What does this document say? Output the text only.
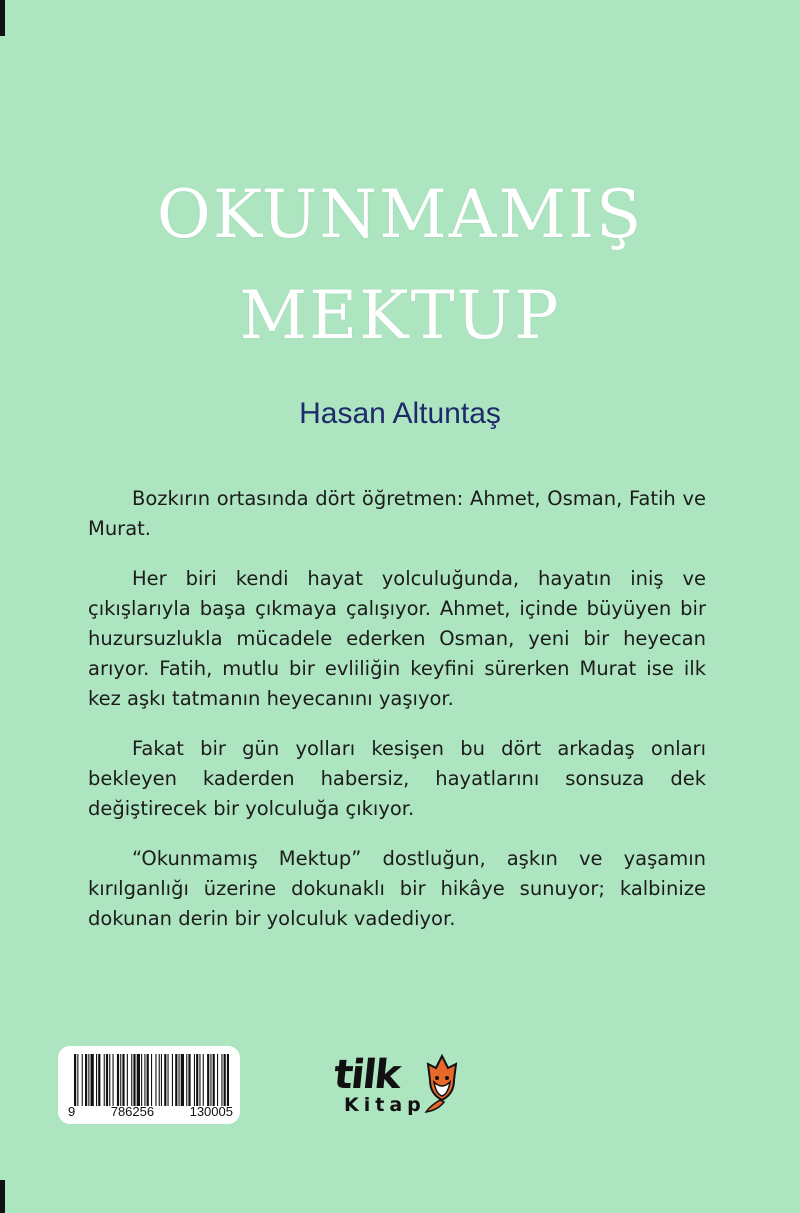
OKUNMAMIŞ
MEKTUP
Hasan Altuntaş

Bozkırın ortasında dört öğretmen: Ahmet, Osman, Fatih ve Murat.

Her biri kendi hayat yolculuğunda, hayatın iniş ve çıkışlarıyla başa çıkmaya çalışıyor. Ahmet, içinde büyüyen bir huzursuzlukla mücadele ederken Osman, yeni bir heyecan arıyor. Fatih, mutlu bir evliliğin keyfini sürerken Murat ise ilk kez aşkı tatmanın heyecanını yaşıyor.

Fakat bir gün yolları kesişen bu dört arkadaş onları bekleyen kaderden habersiz, hayatlarını sonsuza dek değiştirecek bir yolculuğa çıkıyor.

“Okunmamış Mektup” dostluğun, aşkın ve yaşamın kırılganlığı üzerine dokunaklı bir hikâye sunuyor; kalbinize dokunan derin bir yolculuk vadediyor.

9	786256	130005
tilk
Kitap
